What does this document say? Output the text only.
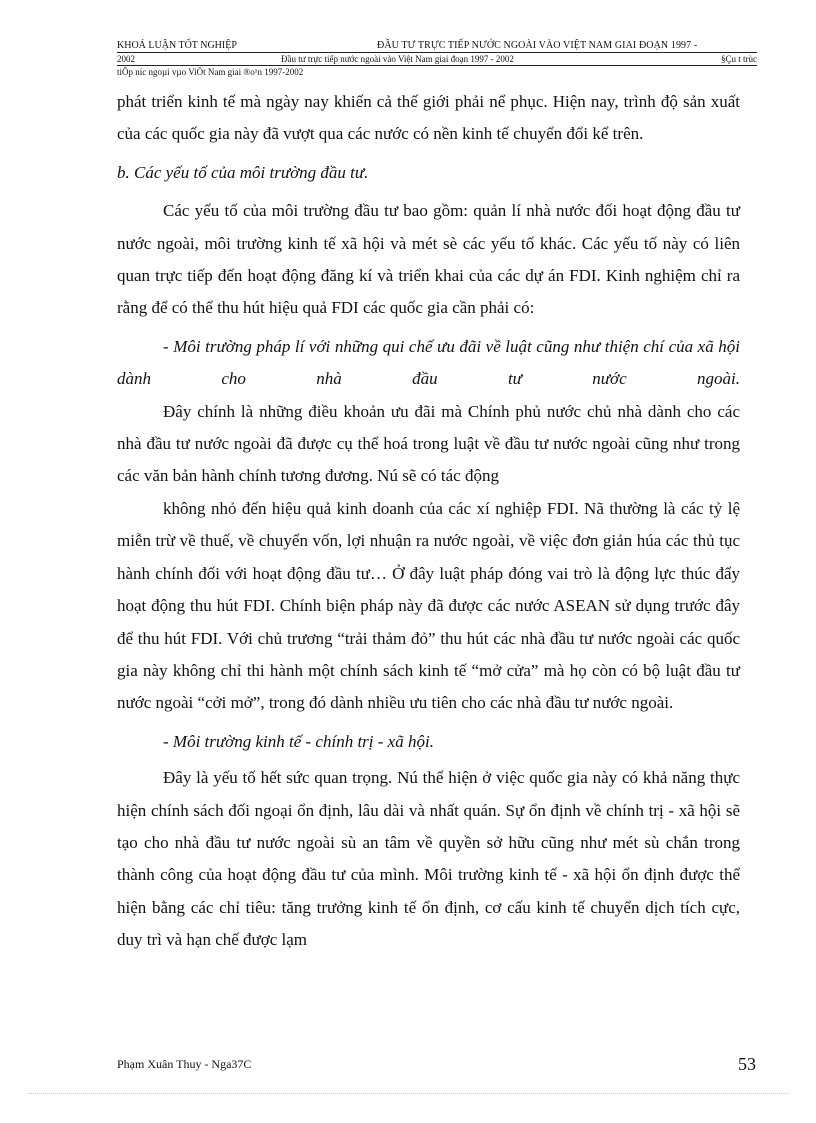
KHOÁ LUẬN TỐT NGHIỆP	ĐẦU TƯ TRỰC TIẾP NƯỚC NGOÀI VÀO VIỆT NAM GIAI ĐOẠN 1997 -
2002	Đầu tư trực tiếp nước ngoài vào Việt Nam giai đoạn 1997 - 2002	§Çu t trùc
tiÕp níc ngoµi vµo ViÖt Nam giai ®o¹n 1997-2002

phát triển kinh tế mà ngày nay khiến cả thế giới phải nể phục. Hiện nay, trình độ sản xuất của các quốc gia này đã vượt qua các nước có nền kinh tế chuyển đổi kể trên.

b. Các yếu tố của môi trường đầu tư.

Các yếu tố của môi trường đầu tư bao gồm: quản lí nhà nước đối hoạt động đầu tư nước ngoài, môi trường kinh tế xã hội và mét sè các yếu tố khác. Các yếu tố này có liên quan trực tiếp đến hoạt động đăng kí và triển khai của các dự án FDI. Kinh nghiệm chỉ ra rằng để có thể thu hút hiệu quả FDI các quốc gia cần phải có:

- Môi trường pháp lí với những qui chế ưu đãi về luật cũng như thiện chí của xã hội dành cho nhà đầu tư nước ngoài.

Đây chính là những điều khoản ưu đãi mà Chính phủ nước chủ nhà dành cho các nhà đầu tư nước ngoài đã được cụ thể hoá trong luật về đầu tư nước ngoài cũng như trong các văn bản hành chính tương đương. Nú sẽ có tác động

không nhỏ đến hiệu quả kinh doanh của các xí nghiệp FDI. Nã thường là các tỷ lệ miễn trừ về thuế, về chuyển vốn, lợi nhuận ra nước ngoài, về việc đơn giản húa các thủ tục hành chính đối với hoạt động đầu tư… Ở đây luật pháp đóng vai trò là động lực thúc đẩy hoạt động thu hút FDI. Chính biện pháp này đã được các nước ASEAN sử dụng trước đây để thu hút FDI. Với chủ trương “trải thảm đỏ” thu hút các nhà đầu tư nước ngoài các quốc gia này không chỉ thi hành một chính sách kinh tế “mở cửa” mà họ còn có bộ luật đầu tư nước ngoài “cởi mở”, trong đó dành nhiều ưu tiên cho các nhà đầu tư nước ngoài.

- Môi trường kinh tế - chính trị - xã hội.

Đây là yếu tố hết sức quan trọng. Nú thể hiện ở việc quốc gia này có khả năng thực hiện chính sách đối ngoại ổn định, lâu dài và nhất quán. Sự ổn định về chính trị - xã hội sẽ tạo cho nhà đầu tư nước ngoài sù an tâm về quyền sở hữu cũng như mét sù chắn trong thành công của hoạt động đầu tư của mình. Môi trường kinh tế - xã hội ổn định được thể hiện bằng các chỉ tiêu: tăng trưởng kinh tế ổn định, cơ cấu kinh tế chuyển dịch tích cực, duy trì và hạn chế được lạm

Phạm Xuân Thuy - Nga37C	53
